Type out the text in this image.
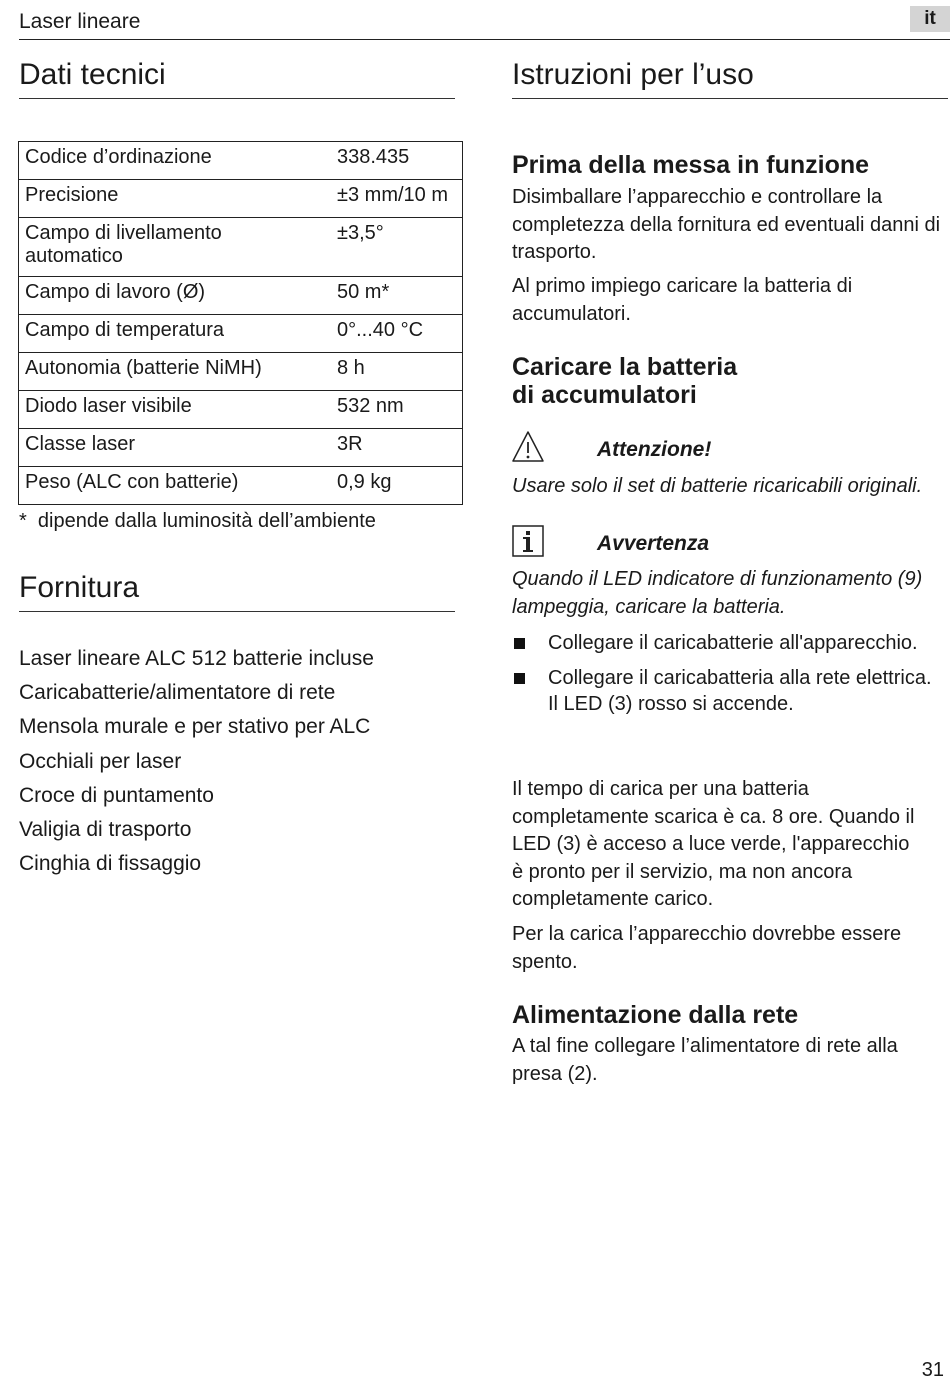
Laser lineare	it
Dati tecnici
Codice d’ordinazione	338.435
Precisione	±3 mm/10 m
Campo di livellamento automatico	±3,5°
Campo di lavoro (Ø)	50 m*
Campo di temperatura	0°...40 °C
Autonomia (batterie NiMH)	8 h
Diodo laser visibile	532 nm
Classe laser	3R
Peso (ALC con batterie)	0,9 kg
*  dipende dalla luminosità dell’ambiente
Fornitura
Laser lineare ALC 512 batterie incluse
Caricabatterie/alimentatore di rete
Mensola murale e per stativo per ALC
Occhiali per laser
Croce di puntamento
Valigia di trasporto
Cinghia di fissaggio
Istruzioni per l’uso
Prima della messa in funzione
Disimballare l’apparecchio e controllare la completezza della fornitura ed eventuali danni di trasporto.
Al primo impiego caricare la batteria di accumulatori.
Caricare la batteria
di accumulatori
Attenzione!
Usare solo il set di batterie ricaricabili originali.
Avvertenza
Quando il LED indicatore di funzionamento (9) lampeggia, caricare la batteria.
Collegare il caricabatterie all'apparecchio.
Collegare il caricabatteria alla rete elettrica.
Il LED (3) rosso si accende.
Il tempo di carica per una batteria completamente scarica è ca. 8 ore. Quando il LED (3) è acceso a luce verde, l'apparecchio è pronto per il servizio, ma non ancora completamente carico.
Per la carica l’apparecchio dovrebbe essere spento.
Alimentazione dalla rete
A tal fine collegare l’alimentatore di rete alla presa (2).
31
